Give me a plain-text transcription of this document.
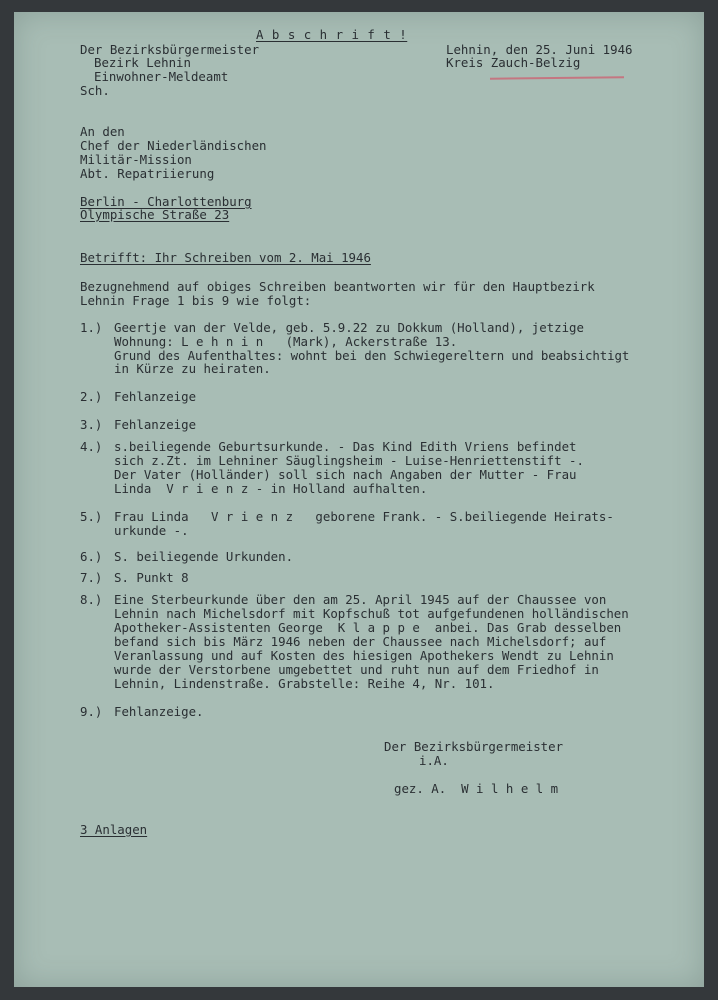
A b s c h r i f t !
Der Bezirksbürgermeister
Bezirk Lehnin
Einwohner-Meldeamt
Sch.
Lehnin, den 25. Juni 1946
Kreis Zauch-Belzig
An den
Chef der Niederländischen
Militär-Mission
Abt. Repatriierung
Berlin - Charlottenburg
Olympische Straße 23
Betrifft: Ihr Schreiben vom 2. Mai 1946
Bezugnehmend auf obiges Schreiben beantworten wir für den Hauptbezirk
Lehnin Frage 1 bis 9 wie folgt:
1.) Geertje van der Velde, geb. 5.9.22 zu Dokkum (Holland), jetzige
Wohnung: L e h n i n   (Mark), Ackerstraße 13.
Grund des Aufenthaltes: wohnt bei den Schwiegereltern und beabsichtigt
in Kürze zu heiraten.
2.) Fehlanzeige
3.) Fehlanzeige
4.) s.beiliegende Geburtsurkunde. - Das Kind Edith Vriens befindet
sich z.Zt. im Lehniner Säuglingsheim - Luise-Henriettenstift -.
Der Vater (Holländer) soll sich nach Angaben der Mutter - Frau
Linda  V r i e n z - in Holland aufhalten.
5.) Frau Linda   V r i e n z   geborene Frank. - S.beiliegende Heirats-
urkunde -.
6.) S. beiliegende Urkunden.
7.) S. Punkt 8
8.) Eine Sterbeurkunde über den am 25. April 1945 auf der Chaussee von
Lehnin nach Michelsdorf mit Kopfschuß tot aufgefundenen holländischen
Apotheker-Assistenten George  K l a p p e  anbei. Das Grab desselben
befand sich bis März 1946 neben der Chaussee nach Michelsdorf; auf
Veranlassung und auf Kosten des hiesigen Apothekers Wendt zu Lehnin
wurde der Verstorbene umgebettet und ruht nun auf dem Friedhof in
Lehnin, Lindenstraße. Grabstelle: Reihe 4, Nr. 101.
9.) Fehlanzeige.
Der Bezirksbürgermeister
i.A.
gez. A.  W i l h e l m
3 Anlagen
